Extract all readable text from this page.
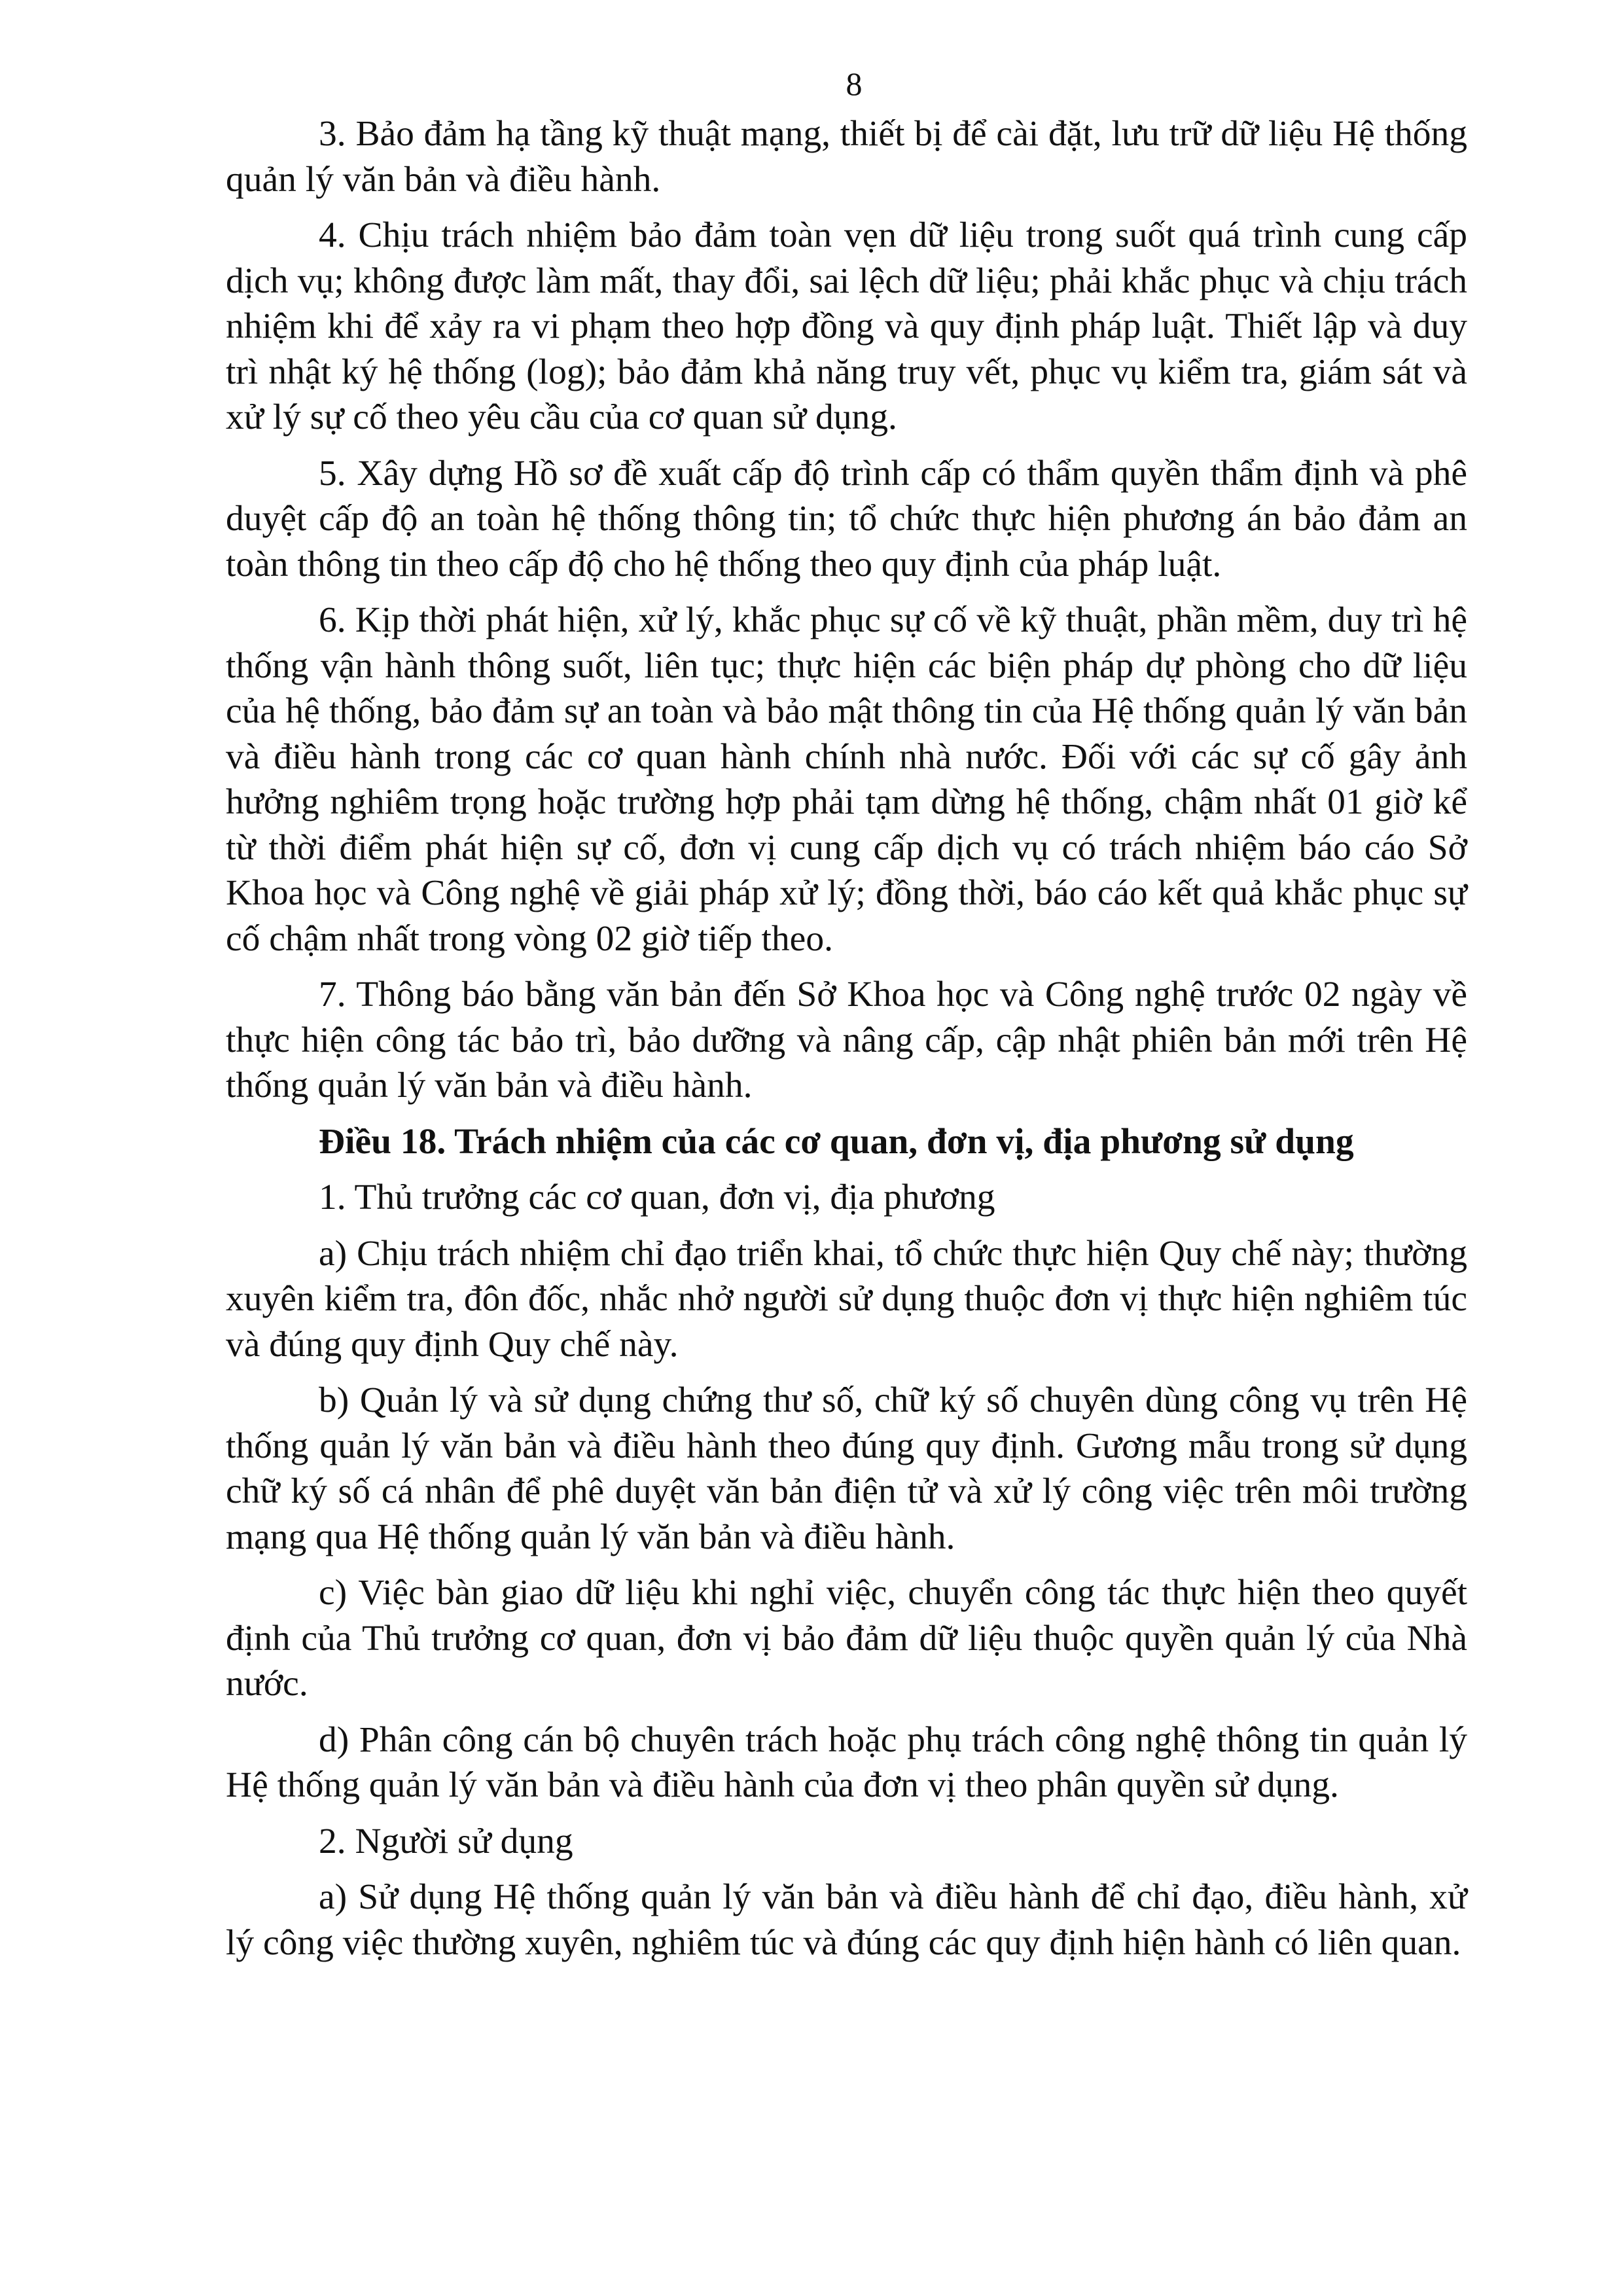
8

3. Bảo đảm hạ tầng kỹ thuật mạng, thiết bị để cài đặt, lưu trữ dữ liệu Hệ thống quản lý văn bản và điều hành.

4. Chịu trách nhiệm bảo đảm toàn vẹn dữ liệu trong suốt quá trình cung cấp dịch vụ; không được làm mất, thay đổi, sai lệch dữ liệu; phải khắc phục và chịu trách nhiệm khi để xảy ra vi phạm theo hợp đồng và quy định pháp luật. Thiết lập và duy trì nhật ký hệ thống (log); bảo đảm khả năng truy vết, phục vụ kiểm tra, giám sát và xử lý sự cố theo yêu cầu của cơ quan sử dụng.

5. Xây dựng Hồ sơ đề xuất cấp độ trình cấp có thẩm quyền thẩm định và phê duyệt cấp độ an toàn hệ thống thông tin; tổ chức thực hiện phương án bảo đảm an toàn thông tin theo cấp độ cho hệ thống theo quy định của pháp luật.

6. Kịp thời phát hiện, xử lý, khắc phục sự cố về kỹ thuật, phần mềm, duy trì hệ thống vận hành thông suốt, liên tục; thực hiện các biện pháp dự phòng cho dữ liệu của hệ thống, bảo đảm sự an toàn và bảo mật thông tin của Hệ thống quản lý văn bản và điều hành trong các cơ quan hành chính nhà nước. Đối với các sự cố gây ảnh hưởng nghiêm trọng hoặc trường hợp phải tạm dừng hệ thống, chậm nhất 01 giờ kể từ thời điểm phát hiện sự cố, đơn vị cung cấp dịch vụ có trách nhiệm báo cáo Sở Khoa học và Công nghệ về giải pháp xử lý; đồng thời, báo cáo kết quả khắc phục sự cố chậm nhất trong vòng 02 giờ tiếp theo.

7. Thông báo bằng văn bản đến Sở Khoa học và Công nghệ trước 02 ngày về thực hiện công tác bảo trì, bảo dưỡng và nâng cấp, cập nhật phiên bản mới trên Hệ thống quản lý văn bản và điều hành.

Điều 18. Trách nhiệm của các cơ quan, đơn vị, địa phương sử dụng

1. Thủ trưởng các cơ quan, đơn vị, địa phương

a) Chịu trách nhiệm chỉ đạo triển khai, tổ chức thực hiện Quy chế này; thường xuyên kiểm tra, đôn đốc, nhắc nhở người sử dụng thuộc đơn vị thực hiện nghiêm túc và đúng quy định Quy chế này.

b) Quản lý và sử dụng chứng thư số, chữ ký số chuyên dùng công vụ trên Hệ thống quản lý văn bản và điều hành theo đúng quy định. Gương mẫu trong sử dụng chữ ký số cá nhân để phê duyệt văn bản điện tử và xử lý công việc trên môi trường mạng qua Hệ thống quản lý văn bản và điều hành.

c) Việc bàn giao dữ liệu khi nghỉ việc, chuyển công tác thực hiện theo quyết định của Thủ trưởng cơ quan, đơn vị bảo đảm dữ liệu thuộc quyền quản lý của Nhà nước.

d) Phân công cán bộ chuyên trách hoặc phụ trách công nghệ thông tin quản lý Hệ thống quản lý văn bản và điều hành của đơn vị theo phân quyền sử dụng.

2. Người sử dụng

a) Sử dụng Hệ thống quản lý văn bản và điều hành để chỉ đạo, điều hành, xử lý công việc thường xuyên, nghiêm túc và đúng các quy định hiện hành có liên quan.
